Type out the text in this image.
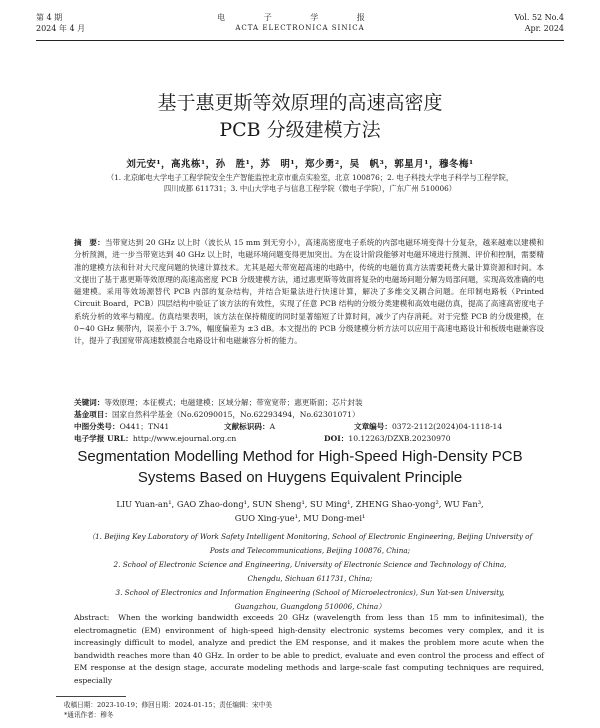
第 4 期
2024 年 4 月
电 子 学 报
ACTA ELECTRONICA SINICA
Vol. 52 No.4
Apr. 2024
基于惠更斯等效原理的高速高密度
PCB 分级建模方法
刘元安¹，高兆栋¹，孙　胜¹，苏　明¹，郑少勇²，吴　帆³，郭星月¹，穆冬梅¹
（1. 北京邮电大学电子工程学院安全生产智能监控北京市重点实验室，北京 100876；2. 电子科技大学电子科学与工程学院，
四川成都 611731；3. 中山大学电子与信息工程学院（微电子学院），广东广州 510006）
摘　要：当带宽达到 20 GHz 以上时（波长从 15 mm 到无穷小），高速高密度电子系统的内部电磁环境变得十分复杂，越来越难以建模和分析预测，进一步当带宽达到 40 GHz 以上时，电磁环境问题变得更加突出。为在设计阶段能够对电磁环境进行预测、评价和控制，需要精准的建模方法和针对大尺度问题的快速计算技术。尤其是超大带宽超高速的电路中，传统的电磁仿真方法需要耗费大量计算资源和时间。本文提出了基于惠更斯等效原理的高速高密度 PCB 分级建模方法，通过惠更斯等效面将复杂的电磁场问题分解为局部问题，实现高效准确的电磁建模。采用等效场源替代 PCB 内部的复杂结构，并结合矩量法进行快速计算，解决了多维交叉耦合问题。在印制电路板（Printed Circuit Board，PCB）四层结构中验证了该方法的有效性，实现了任意 PCB 结构的分级分类建模和高效电磁仿真，提高了高速高密度电子系统分析的效率与精度。仿真结果表明，该方法在保持精度的同时显著缩短了计算时间，减少了内存消耗。对于完整 PCB 的分级建模，在 0~40 GHz 频带内，误差小于 3.7%，幅度偏差为 ±3 dB。本文提出的 PCB 分级建模分析方法可以应用于高速电路设计和板级电磁兼容设计，提升了我国宽带高速数模混合电路设计和电磁兼容分析的能力。
关键词：等效原理；本征模式；电磁建模；区域分解；带宽宽带；惠更斯面；芯片封装
基金项目：国家自然科学基金（No.62090015，No.62293494，No.62301071）
中图分类号：O441；TN41	文献标识码：A	文章编号：0372-2112(2024)04-1118-14
电子学报 URL：http://www.ejournal.org.cn	DOI：10.12263/DZXB.20230970
Segmentation Modelling Method for High-Speed High-Density PCB
Systems Based on Huygens Equivalent Principle
LIU Yuan-an¹, GAO Zhao-dong¹, SUN Sheng¹, SU Ming¹, ZHENG Shao-yong², WU Fan³,
GUO Xing-yue¹, MU Dong-mei¹
（1. Beijing Key Laboratory of Work Safety Intelligent Monitoring, School of Electronic Engineering, Beijing University of
Posts and Telecommunications, Beijing 100876, China;
2. School of Electronic Science and Engineering, University of Electronic Science and Technology of China,
Chengdu, Sichuan 611731, China;
3. School of Electronics and Information Engineering (School of Microelectronics), Sun Yat-sen University,
Guangzhou, Guangdong 510006, China）
Abstract: When the working bandwidth exceeds 20 GHz (wavelength from less than 15 mm to infinitesimal), the electromagnetic (EM) environment of high-speed high-density electronic systems becomes very complex, and it is increasingly difficult to model, analyze and predict the EM response, and it makes the problem more acute when the bandwidth reaches more than 40 GHz. In order to be able to predict, evaluate and even control the process and effect of EM response at the design stage, accurate modeling methods and large-scale fast computing techniques are required, especially
收稿日期：2023-10-19；修回日期：2024-01-15；责任编辑：宋中美
*通讯作者：穆冬
